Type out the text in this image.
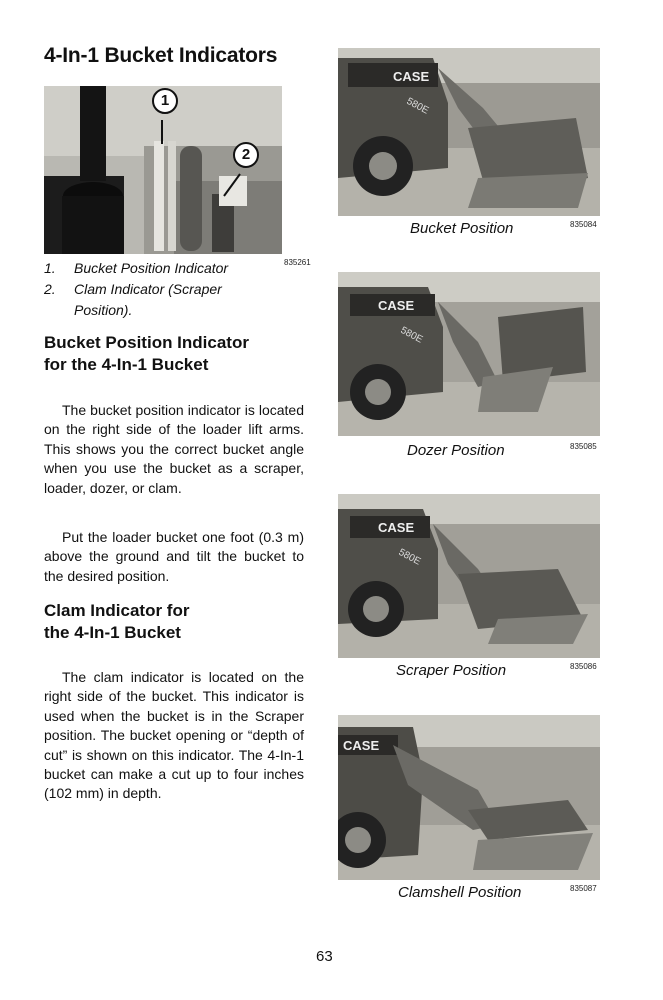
4-In-1 Bucket Indicators
1
2
835261
1.	Bucket Position Indicator
2.	Clam Indicator (Scraper Position).
Bucket Position Indicator
for the 4-In-1 Bucket

The bucket position indicator is located on the right side of the loader lift arms. This shows you the correct bucket angle when you use the bucket as a scraper, loader, dozer, or clam.

Put the loader bucket one foot (0.3 m) above the ground and tilt the bucket to the desired position.

Clam Indicator for
the 4-In-1 Bucket

The clam indicator is located on the right side of the bucket. This indicator is used when the bucket is in the Scraper position. The bucket opening or “depth of cut” is shown on this indicator. The 4-In-1 bucket can make a cut up to four inches (102 mm) in depth.

CASE
580E
Bucket Position	835084
CASE
580E
Dozer Position	835085
CASE
580E
Scraper Position	835086
CASE
Clamshell Position	835087
63
